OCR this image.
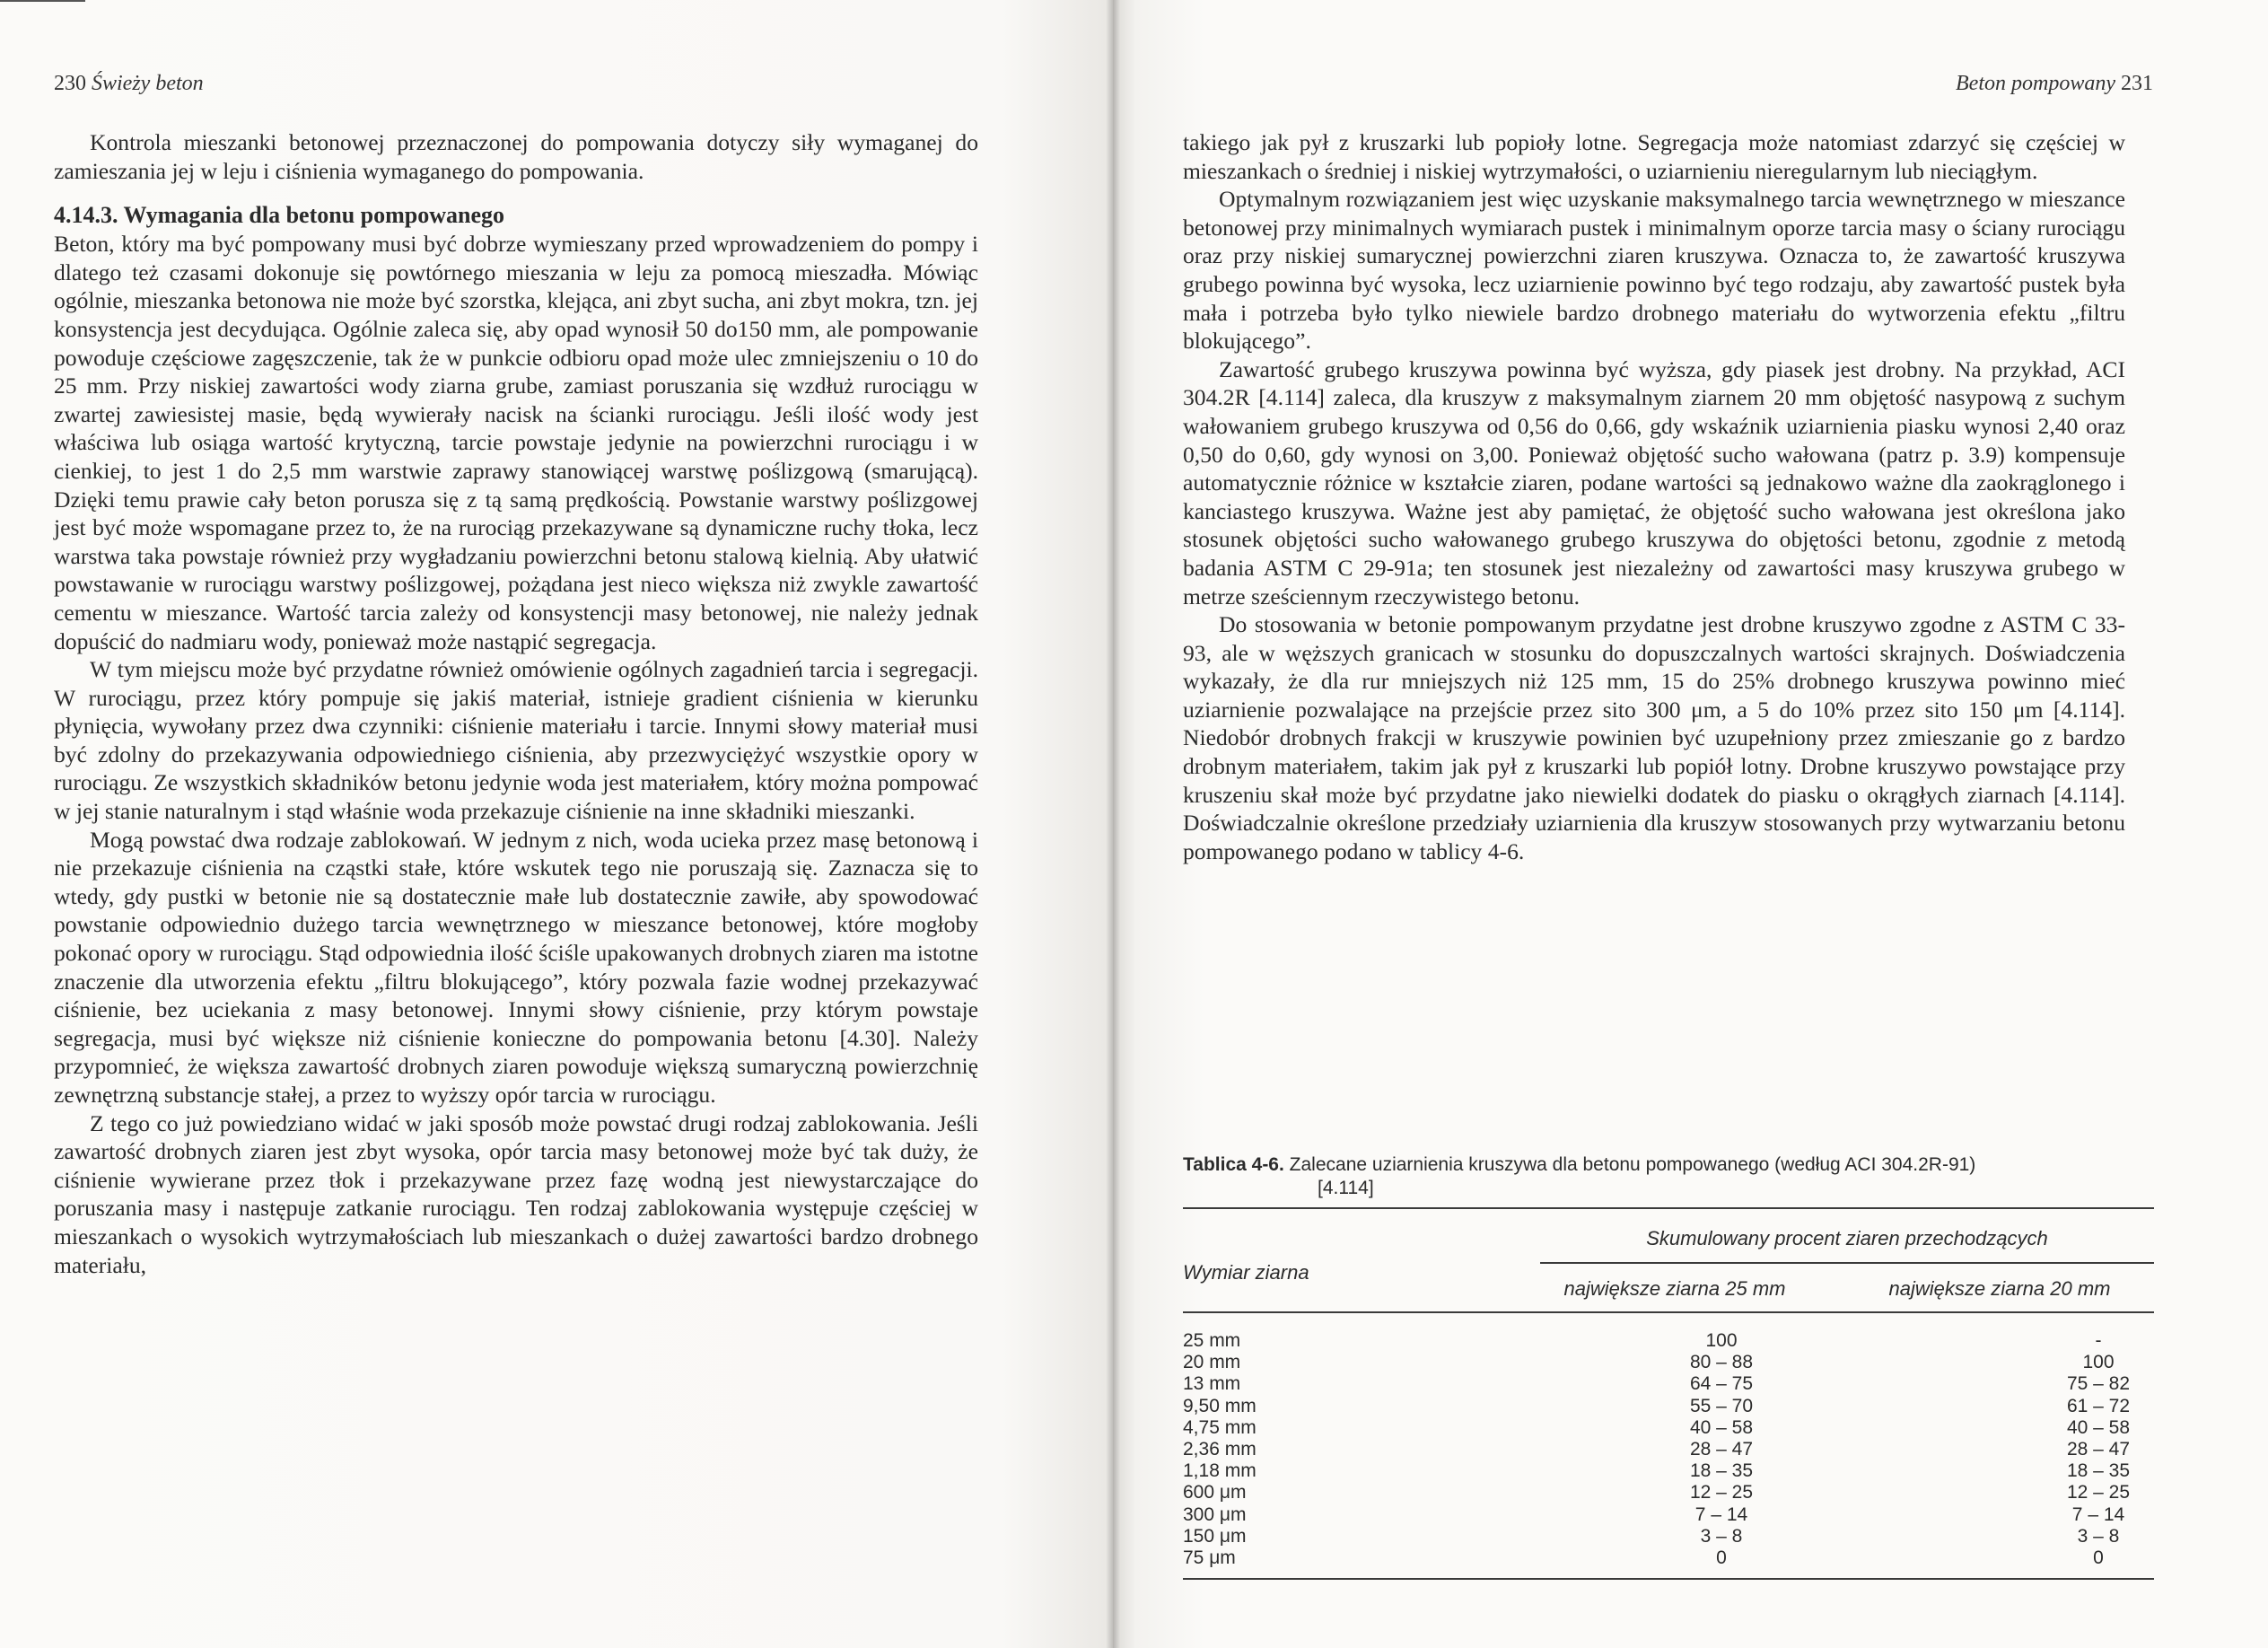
230 Świeży beton

Kontrola mieszanki betonowej przeznaczonej do pompowania dotyczy siły wymaganej do zamieszania jej w leju i ciśnienia wymaganego do pompowania.

4.14.3. Wymagania dla betonu pompowanego

Beton, który ma być pompowany musi być dobrze wymieszany przed wprowadzeniem do pompy i dlatego też czasami dokonuje się powtórnego mieszania w leju za pomocą mieszadła. Mówiąc ogólnie, mieszanka betonowa nie może być szorstka, klejąca, ani zbyt sucha, ani zbyt mokra, tzn. jej konsystencja jest decydująca. Ogólnie zaleca się, aby opad wynosił 50 do150 mm, ale pompowanie powoduje częściowe zagęszczenie, tak że w punkcie odbioru opad może ulec zmniejszeniu o 10 do 25 mm. Przy niskiej zawartości wody ziarna grube, zamiast poruszania się wzdłuż rurociągu w zwartej zawiesistej masie, będą wywierały nacisk na ścianki rurociągu. Jeśli ilość wody jest właściwa lub osiąga wartość krytyczną, tarcie powstaje jedynie na powierzchni rurociągu i w cienkiej, to jest 1 do 2,5 mm warstwie zaprawy stanowiącej warstwę poślizgową (smarującą). Dzięki temu prawie cały beton porusza się z tą samą prędkością. Powstanie warstwy poślizgowej jest być może wspomagane przez to, że na rurociąg przekazywane są dynamiczne ruchy tłoka, lecz warstwa taka powstaje również przy wygładzaniu powierzchni betonu stalową kielnią. Aby ułatwić powstawanie w rurociągu warstwy poślizgowej, pożądana jest nieco większa niż zwykle zawartość cementu w mieszance. Wartość tarcia zależy od konsystencji masy betonowej, nie należy jednak dopuścić do nadmiaru wody, ponieważ może nastąpić segregacja.

W tym miejscu może być przydatne również omówienie ogólnych zagadnień tarcia i segregacji. W rurociągu, przez który pompuje się jakiś materiał, istnieje gradient ciśnienia w kierunku płynięcia, wywołany przez dwa czynniki: ciśnienie materiału i tarcie. Innymi słowy materiał musi być zdolny do przekazywania odpowiedniego ciśnienia, aby przezwyciężyć wszystkie opory w rurociągu. Ze wszystkich składników betonu jedynie woda jest materiałem, który można pompować w jej stanie naturalnym i stąd właśnie woda przekazuje ciśnienie na inne składniki mieszanki.

Mogą powstać dwa rodzaje zablokowań. W jednym z nich, woda ucieka przez masę betonową i nie przekazuje ciśnienia na cząstki stałe, które wskutek tego nie poruszają się. Zaznacza się to wtedy, gdy pustki w betonie nie są dostatecznie małe lub dostatecznie zawiłe, aby spowodować powstanie odpowiednio dużego tarcia wewnętrznego w mieszance betonowej, które mogłoby pokonać opory w rurociągu. Stąd odpowiednia ilość ściśle upakowanych drobnych ziaren ma istotne znaczenie dla utworzenia efektu „filtru blokującego”, który pozwala fazie wodnej przekazywać ciśnienie, bez uciekania z masy betonowej. Innymi słowy ciśnienie, przy którym powstaje segregacja, musi być większe niż ciśnienie konieczne do pompowania betonu [4.30]. Należy przypomnieć, że większa zawartość drobnych ziaren powoduje większą sumaryczną powierzchnię zewnętrzną substancje stałej, a przez to wyższy opór tarcia w rurociągu.

Z tego co już powiedziano widać w jaki sposób może powstać drugi rodzaj zablokowania. Jeśli zawartość drobnych ziaren jest zbyt wysoka, opór tarcia masy betonowej może być tak duży, że ciśnienie wywierane przez tłok i przekazywane przez fazę wodną jest niewystarczające do poruszania masy i następuje zatkanie rurociągu. Ten rodzaj zablokowania występuje częściej w mieszankach o wysokich wytrzymałościach lub mieszankach o dużej zawartości bardzo drobnego materiału,

Beton pompowany 231

takiego jak pył z kruszarki lub popioły lotne. Segregacja może natomiast zdarzyć się częściej w mieszankach o średniej i niskiej wytrzymałości, o uziarnieniu nieregularnym lub nieciągłym.

Optymalnym rozwiązaniem jest więc uzyskanie maksymalnego tarcia wewnętrznego w mieszance betonowej przy minimalnych wymiarach pustek i minimalnym oporze tarcia masy o ściany rurociągu oraz przy niskiej sumarycznej powierzchni ziaren kruszywa. Oznacza to, że zawartość kruszywa grubego powinna być wysoka, lecz uziarnienie powinno być tego rodzaju, aby zawartość pustek była mała i potrzeba było tylko niewiele bardzo drobnego materiału do wytworzenia efektu „filtru blokującego”.

Zawartość grubego kruszywa powinna być wyższa, gdy piasek jest drobny. Na przykład, ACI 304.2R [4.114] zaleca, dla kruszyw z maksymalnym ziarnem 20 mm objętość nasypową z suchym wałowaniem grubego kruszywa od 0,56 do 0,66, gdy wskaźnik uziarnienia piasku wynosi 2,40 oraz 0,50 do 0,60, gdy wynosi on 3,00. Ponieważ objętość sucho wałowana (patrz p. 3.9) kompensuje automatycznie różnice w kształcie ziaren, podane wartości są jednakowo ważne dla zaokrąglonego i kanciastego kruszywa. Ważne jest aby pamiętać, że objętość sucho wałowana jest określona jako stosunek objętości sucho wałowanego grubego kruszywa do objętości betonu, zgodnie z metodą badania ASTM C 29-91a; ten stosunek jest niezależny od zawartości masy kruszywa grubego w metrze sześciennym rzeczywistego betonu.

Do stosowania w betonie pompowanym przydatne jest drobne kruszywo zgodne z ASTM C 33-93, ale w węższych granicach w stosunku do dopuszczalnych wartości skrajnych. Doświadczenia wykazały, że dla rur mniejszych niż 125 mm, 15 do 25% drobnego kruszywa powinno mieć uziarnienie pozwalające na przejście przez sito 300 μm, a 5 do 10% przez sito 150 μm [4.114]. Niedobór drobnych frakcji w kruszywie powinien być uzupełniony przez zmieszanie go z bardzo drobnym materiałem, takim jak pył z kruszarki lub popiół lotny. Drobne kruszywo powstające przy kruszeniu skał może być przydatne jako niewielki dodatek do piasku o okrągłych ziarnach [4.114]. Doświadczalnie określone przedziały uziarnienia dla kruszyw stosowanych przy wytwarzaniu betonu pompowanego podano w tablicy 4-6.

Tablica 4-6. Zalecane uziarnienia kruszywa dla betonu pompowanego (według ACI 304.2R-91)
[4.114]
Skumulowany procent ziaren przechodzących
Wymiar ziarna
największe ziarna 25 mm	największe ziarna 20 mm
25 mm	100	-
20 mm	80 – 88	100
13 mm	64 – 75	75 – 82
9,50 mm	55 – 70	61 – 72
4,75 mm	40 – 58	40 – 58
2,36 mm	28 – 47	28 – 47
1,18 mm	18 – 35	18 – 35
600 μm	12 – 25	12 – 25
300 μm	7 – 14	7 – 14
150 μm	3 – 8	3 – 8
75 μm	0	0
